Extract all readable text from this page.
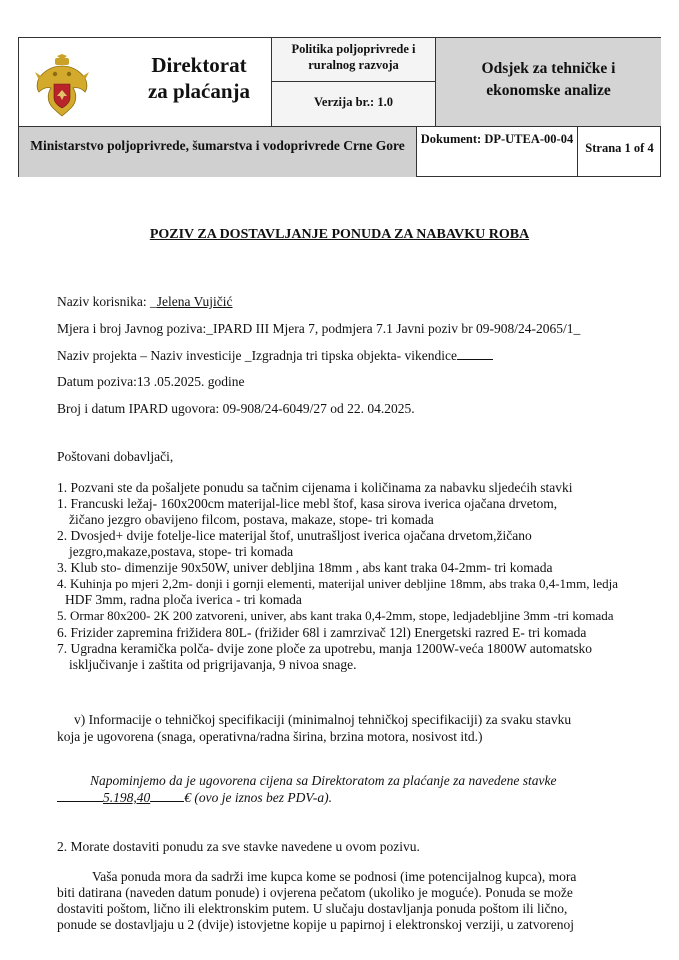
Direktorat
za plaćanja
Politika poljoprivrede i ruralnog razvoja
Verzija br.: 1.0
Odsjek za tehničke i ekonomske analize
Ministarstvo poljoprivrede, šumarstva i vodoprivrede Crne Gore	Dokument: DP-UTEA-00-04
Strana 1 of 4
POZIV ZA DOSTAVLJANJE PONUDA ZA NABAVKU ROBA
Naziv korisnika: _Jelena Vujičić
Mjera i broj Javnog poziva:_IPARD III Mjera 7, podmjera 7.1 Javni poziv br 09-908/24-2065/1_
Naziv projekta – Naziv investicije _Izgradnja tri tipska objekta- vikendice
Datum poziva:13 .05.2025. godine
Broj i datum IPARD ugovora: 09-908/24-6049/27 od 22. 04.2025.
Poštovani dobavljači,
1. Pozvani ste da pošaljete ponudu sa tačnim cijenama i količinama za nabavku sljedećih stavki
1. Francuski ležaj- 160x200cm materijal-lice mebl štof, kasa sirova iverica ojačana drvetom,
žičano jezgro obavijeno filcom, postava, makaze, stope- tri komada
2. Dvosjed+ dvije fotelje-lice materijal štof, unutrašljost iverica ojačana drvetom,žičano
jezgro,makaze,postava, stope- tri komada
3. Klub sto- dimenzije 90x50W, univer debljina 18mm , abs kant traka 04-2mm- tri komada
4. Kuhinja po mjeri 2,2m- donji i gornji elementi, materijal univer debljine 18mm, abs traka 0,4-1mm, ledja
HDF 3mm, radna ploča iverica - tri komada
5. Ormar 80x200- 2K 200 zatvoreni, univer, abs kant traka 0,4-2mm, stope, ledjadebljine 3mm -tri komada
6. Frizider zapremina frižidera 80L- (frižider 68l i zamrzivač 12l) Energetski razred E- tri komada
7. Ugradna keramička polča- dvije zone ploče za upotrebu, manja 1200W-veća 1800W automatsko
isključivanje i zaštita od prigrijavanja, 9 nivoa snage.
v) Informacije o tehničkoj specifikaciji (minimalnoj tehničkoj specifikaciji) za svaku stavku
koja je ugovorena (snaga, operativna/radna širina, brzina motora, nosivost itd.)
Napominjemo da je ugovorena cijena sa Direktoratom za plaćanje za navedene stavke
5.198,40	€ (ovo je iznos bez PDV-a).
2. Morate dostaviti ponudu za sve stavke navedene u ovom pozivu.
Vaša ponuda mora da sadrži ime kupca kome se podnosi (ime potencijalnog kupca), mora
biti datirana (naveden datum ponude) i ovjerena pečatom (ukoliko je moguće). Ponuda se može
dostaviti poštom, lično ili elektronskim putem. U slučaju dostavljanja ponuda poštom ili lično,
ponude se dostavljaju u 2 (dvije) istovjetne kopije u papirnoj i elektronskoj verziji, u zatvorenoj
